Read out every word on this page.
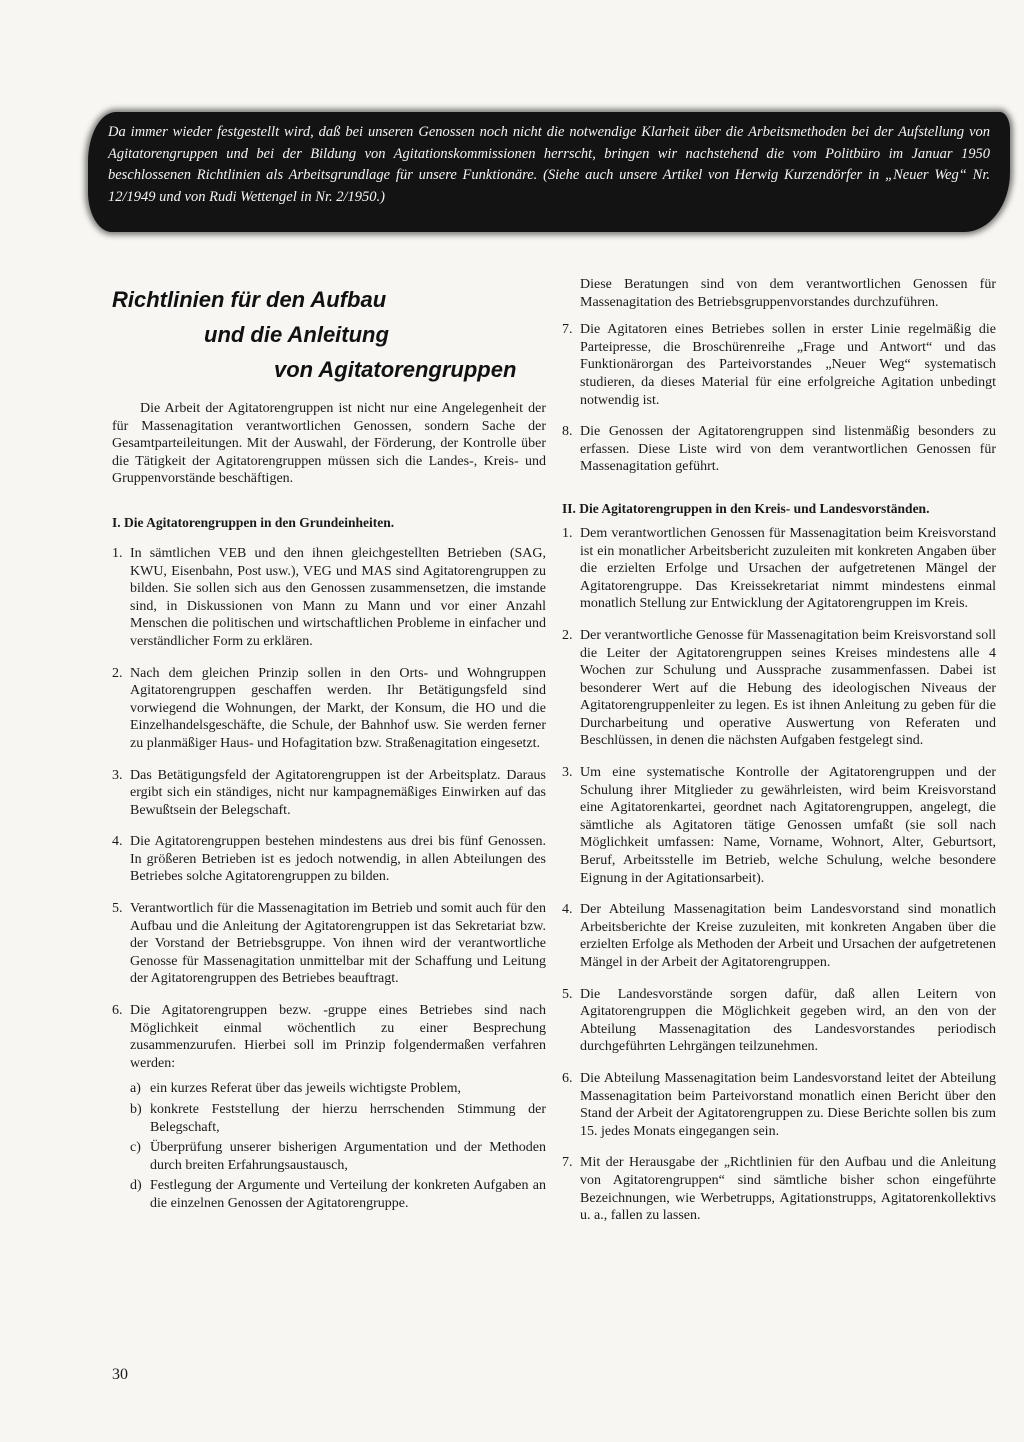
Da immer wieder festgestellt wird, daß bei unseren Genossen noch nicht die notwendige Klarheit über die Arbeitsmethoden bei der Aufstellung von Agitatorengruppen und bei der Bildung von Agitationskommissionen herrscht, bringen wir nachstehend die vom Politbüro im Januar 1950 beschlossenen Richtlinien als Arbeitsgrundlage für unsere Funktionäre. (Siehe auch unsere Artikel von Herwig Kurzendörfer in „Neuer Weg“ Nr. 12/1949 und von Rudi Wettengel in Nr. 2/1950.)

Richtlinien für den Aufbau
und die Anleitung
von Agitatorengruppen

Die Arbeit der Agitatorengruppen ist nicht nur eine Angelegenheit der für Massenagitation verantwortlichen Genossen, sondern Sache der Gesamtparteileitungen. Mit der Auswahl, der Förderung, der Kontrolle über die Tätigkeit der Agitatorengruppen müssen sich die Landes-, Kreis- und Gruppenvorstände beschäftigen.

I. Die Agitatorengruppen in den Grundeinheiten.

1. In sämtlichen VEB und den ihnen gleichgestellten Betrieben (SAG, KWU, Eisenbahn, Post usw.), VEG und MAS sind Agitatorengruppen zu bilden. Sie sollen sich aus den Genossen zusammensetzen, die imstande sind, in Diskussionen von Mann zu Mann und vor einer Anzahl Menschen die politischen und wirtschaftlichen Probleme in einfacher und verständlicher Form zu erklären.
2. Nach dem gleichen Prinzip sollen in den Orts- und Wohngruppen Agitatorengruppen geschaffen werden. Ihr Betätigungsfeld sind vorwiegend die Wohnungen, der Markt, der Konsum, die HO und die Einzelhandelsgeschäfte, die Schule, der Bahnhof usw. Sie werden ferner zu planmäßiger Haus- und Hofagitation bzw. Straßenagitation eingesetzt.
3. Das Betätigungsfeld der Agitatorengruppen ist der Arbeitsplatz. Daraus ergibt sich ein ständiges, nicht nur kampagnemäßiges Einwirken auf das Bewußtsein der Belegschaft.
4. Die Agitatorengruppen bestehen mindestens aus drei bis fünf Genossen. In größeren Betrieben ist es jedoch notwendig, in allen Abteilungen des Betriebes solche Agitatorengruppen zu bilden.
5. Verantwortlich für die Massenagitation im Betrieb und somit auch für den Aufbau und die Anleitung der Agitatorengruppen ist das Sekretariat bzw. der Vorstand der Betriebsgruppe. Von ihnen wird der verantwortliche Genosse für Massenagitation unmittelbar mit der Schaffung und Leitung der Agitatorengruppen des Betriebes beauftragt.
6. Die Agitatorengruppen bezw. -gruppe eines Betriebes sind nach Möglichkeit einmal wöchentlich zu einer Besprechung zusammenzurufen. Hierbei soll im Prinzip folgendermaßen verfahren werden:
a) ein kurzes Referat über das jeweils wichtigste Problem,
b) konkrete Feststellung der hierzu herrschenden Stimmung der Belegschaft,
c) Überprüfung unserer bisherigen Argumentation und der Methoden durch breiten Erfahrungsaustausch,
d) Festlegung der Argumente und Verteilung der konkreten Aufgaben an die einzelnen Genossen der Agitatorengruppe.

Diese Beratungen sind von dem verantwortlichen Genossen für Massenagitation des Betriebsgruppenvorstandes durchzuführen.

7. Die Agitatoren eines Betriebes sollen in erster Linie regelmäßig die Parteipresse, die Broschürenreihe „Frage und Antwort“ und das Funktionärorgan des Parteivorstandes „Neuer Weg“ systematisch studieren, da dieses Material für eine erfolgreiche Agitation unbedingt notwendig ist.
8. Die Genossen der Agitatorengruppen sind listenmäßig besonders zu erfassen. Diese Liste wird von dem verantwortlichen Genossen für Massenagitation geführt.

II. Die Agitatorengruppen in den Kreis- und Landesvorständen.

1. Dem verantwortlichen Genossen für Massenagitation beim Kreisvorstand ist ein monatlicher Arbeitsbericht zuzuleiten mit konkreten Angaben über die erzielten Erfolge und Ursachen der aufgetretenen Mängel der Agitatorengruppe. Das Kreissekretariat nimmt mindestens einmal monatlich Stellung zur Entwicklung der Agitatorengruppen im Kreis.
2. Der verantwortliche Genosse für Massenagitation beim Kreisvorstand soll die Leiter der Agitatorengruppen seines Kreises mindestens alle 4 Wochen zur Schulung und Aussprache zusammenfassen. Dabei ist besonderer Wert auf die Hebung des ideologischen Niveaus der Agitatorengruppenleiter zu legen. Es ist ihnen Anleitung zu geben für die Durcharbeitung und operative Auswertung von Referaten und Beschlüssen, in denen die nächsten Aufgaben festgelegt sind.
3. Um eine systematische Kontrolle der Agitatorengruppen und der Schulung ihrer Mitglieder zu gewährleisten, wird beim Kreisvorstand eine Agitatorenkartei, geordnet nach Agitatorengruppen, angelegt, die sämtliche als Agitatoren tätige Genossen umfaßt (sie soll nach Möglichkeit umfassen: Name, Vorname, Wohnort, Alter, Geburtsort, Beruf, Arbeitsstelle im Betrieb, welche Schulung, welche besondere Eignung in der Agitationsarbeit).
4. Der Abteilung Massenagitation beim Landesvorstand sind monatlich Arbeitsberichte der Kreise zuzuleiten, mit konkreten Angaben über die erzielten Erfolge als Methoden der Arbeit und Ursachen der aufgetretenen Mängel in der Arbeit der Agitatorengruppen.
5. Die Landesvorstände sorgen dafür, daß allen Leitern von Agitatorengruppen die Möglichkeit gegeben wird, an den von der Abteilung Massenagitation des Landesvorstandes periodisch durchgeführten Lehrgängen teilzunehmen.
6. Die Abteilung Massenagitation beim Landesvorstand leitet der Abteilung Massenagitation beim Parteivorstand monatlich einen Bericht über den Stand der Arbeit der Agitatorengruppen zu. Diese Berichte sollen bis zum 15. jedes Monats eingegangen sein.
7. Mit der Herausgabe der „Richtlinien für den Aufbau und die Anleitung von Agitatorengruppen“ sind sämtliche bisher schon eingeführte Bezeichnungen, wie Werbetrupps, Agitationstrupps, Agitatorenkollektivs u. a., fallen zu lassen.
30
